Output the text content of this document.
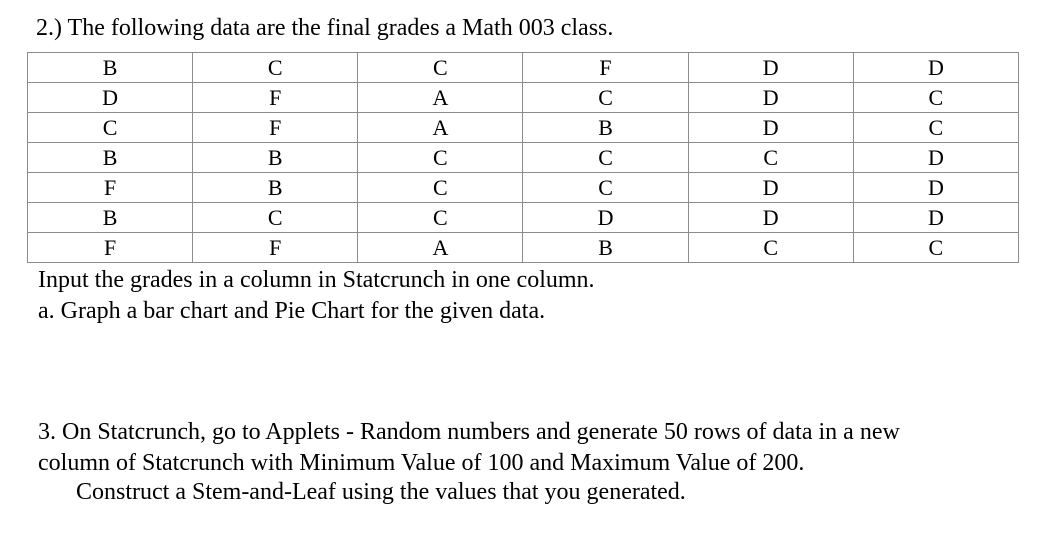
2.) The following data are the final grades a Math 003 class.
B	C	C	F	D	D
D	F	A	C	D	C
C	F	A	B	D	C
B	B	C	C	C	D
F	B	C	C	D	D
B	C	C	D	D	D
F	F	A	B	C	C
Input the grades in a column in Statcrunch in one column.
a. Graph a bar chart and Pie Chart for the given data.
3. On Statcrunch, go to Applets - Random numbers and generate 50 rows of data in a new
column of Statcrunch with Minimum Value of 100 and Maximum Value of 200.
Construct a Stem-and-Leaf using the values that you generated.
